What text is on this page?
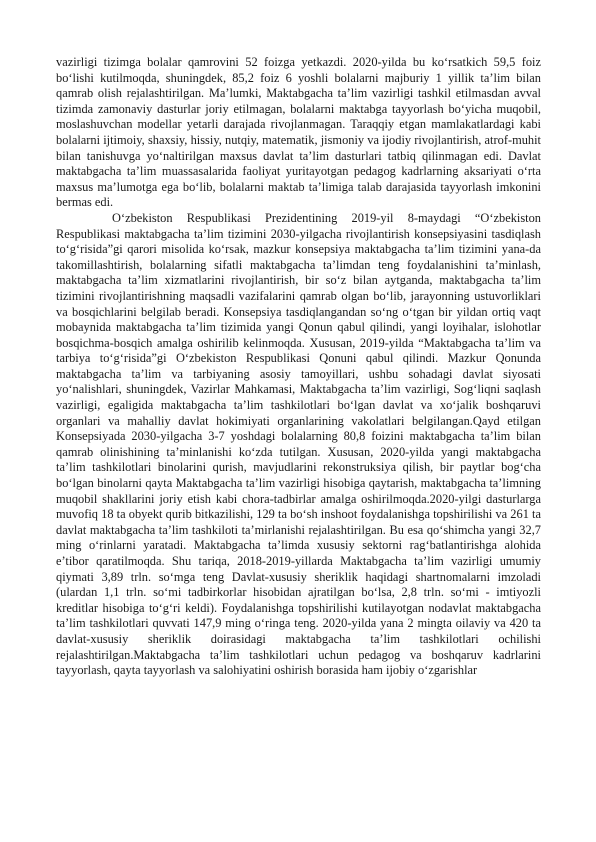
vazirligi tizimga bolalar qamrovini 52 foizga yetkazdi. 2020-yilda bu ko‘rsatkich 59,5 foiz bo‘lishi kutilmoqda, shuningdek, 85,2 foiz 6 yoshli bolalarni majburiy 1 yillik ta’lim bilan qamrab olish rejalashtirilgan. Ma’lumki, Maktabgacha ta’lim vazirligi tashkil etilmasdan avval tizimda zamonaviy dasturlar joriy etilmagan, bolalarni maktabga tayyorlash bo‘yicha muqobil, moslashuvchan modellar yetarli darajada rivojlanmagan. Taraqqiy etgan mamlakatlardagi kabi bolalarni ijtimoiy, shaxsiy, hissiy, nutqiy, matematik, jismoniy va ijodiy rivojlantirish, atrof-muhit bilan tanishuvga yo‘naltirilgan maxsus davlat ta’lim dasturlari tatbiq qilinmagan edi. Davlat maktabgacha ta’lim muassasalarida faoliyat yuritayotgan pedagog kadrlarning aksariyati o‘rta maxsus ma’lumotga ega bo‘lib, bolalarni maktab ta’limiga talab darajasida tayyorlash imkonini bermas edi.

O‘zbekiston Respublikasi Prezidentining 2019-yil 8-maydagi “O‘zbekiston Respublikasi maktabgacha ta’lim tizimini 2030-yilgacha rivojlantirish konsepsiyasini tasdiqlash to‘g‘risida”gi qarori misolida ko‘rsak, mazkur konsepsiya maktabgacha ta’lim tizimini yana-da takomillashtirish, bolalarning sifatli maktabgacha ta’limdan teng foydalanishini ta’minlash, maktabgacha ta’lim xizmatlarini rivojlantirish, bir so‘z bilan aytganda, maktabgacha ta’lim tizimini rivojlantirishning maqsadli vazifalarini qamrab olgan bo‘lib, jarayonning ustuvorliklari va bosqichlarini belgilab beradi. Konsepsiya tasdiqlangandan so‘ng o‘tgan bir yildan ortiq vaqt mobaynida maktabgacha ta’lim tizimida yangi Qonun qabul qilindi, yangi loyihalar, islohotlar bosqichma-bosqich amalga oshirilib kelinmoqda. Xususan, 2019-yilda “Maktabgacha ta’lim va tarbiya to‘g‘risida”gi O‘zbekiston Respublikasi Qonuni qabul qilindi. Mazkur Qonunda maktabgacha ta’lim va tarbiyaning asosiy tamoyillari, ushbu sohadagi davlat siyosati yo‘nalishlari, shuningdek, Vazirlar Mahkamasi, Maktabgacha ta’lim vazirligi, Sog‘liqni saqlash vazirligi, egaligida maktabgacha ta’lim tashkilotlari bo‘lgan davlat va xo‘jalik boshqaruvi organlari va mahalliy davlat hokimiyati organlarining vakolatlari belgilangan.Qayd etilgan Konsepsiyada 2030-yilgacha 3-7 yoshdagi bolalarning 80,8 foizini maktabgacha ta’lim bilan qamrab olinishining ta’minlanishi ko‘zda tutilgan. Xususan, 2020-yilda yangi maktabgacha ta’lim tashkilotlari binolarini qurish, mavjudlarini rekonstruksiya qilish, bir paytlar bog‘cha bo‘lgan binolarni qayta Maktabgacha ta’lim vazirligi hisobiga qaytarish, maktabgacha ta’limning muqobil shakllarini joriy etish kabi chora-tadbirlar amalga oshirilmoqda.2020-yilgi dasturlarga muvofiq 18 ta obyekt qurib bitkazilishi, 129 ta bo‘sh inshoot foydalanishga topshirilishi va 261 ta davlat maktabgacha ta’lim tashkiloti ta’mirlanishi rejalashtirilgan. Bu esa qo‘shimcha yangi 32,7 ming o‘rinlarni yaratadi. Maktabgacha ta’limda xususiy sektorni rag‘batlantirishga alohida e’tibor qaratilmoqda. Shu tariqa, 2018-2019-yillarda Maktabgacha ta’lim vazirligi umumiy qiymati 3,89 trln. so‘mga teng Davlat-xususiy sheriklik haqidagi shartnomalarni imzoladi (ulardan 1,1 trln. so‘mi tadbirkorlar hisobidan ajratilgan bo‘lsa, 2,8 trln. so‘mi - imtiyozli kreditlar hisobiga to‘g‘ri keldi). Foydalanishga topshirilishi kutilayotgan nodavlat maktabgacha ta’lim tashkilotlari quvvati 147,9 ming o‘ringa teng. 2020-yilda yana 2 mingta oilaviy va 420 ta davlat-xususiy sheriklik doirasidagi maktabgacha ta’lim tashkilotlari ochilishi rejalashtirilgan.Maktabgacha ta’lim tashkilotlari uchun pedagog va boshqaruv kadrlarini tayyorlash, qayta tayyorlash va salohiyatini oshirish borasida ham ijobiy o‘zgarishlar
